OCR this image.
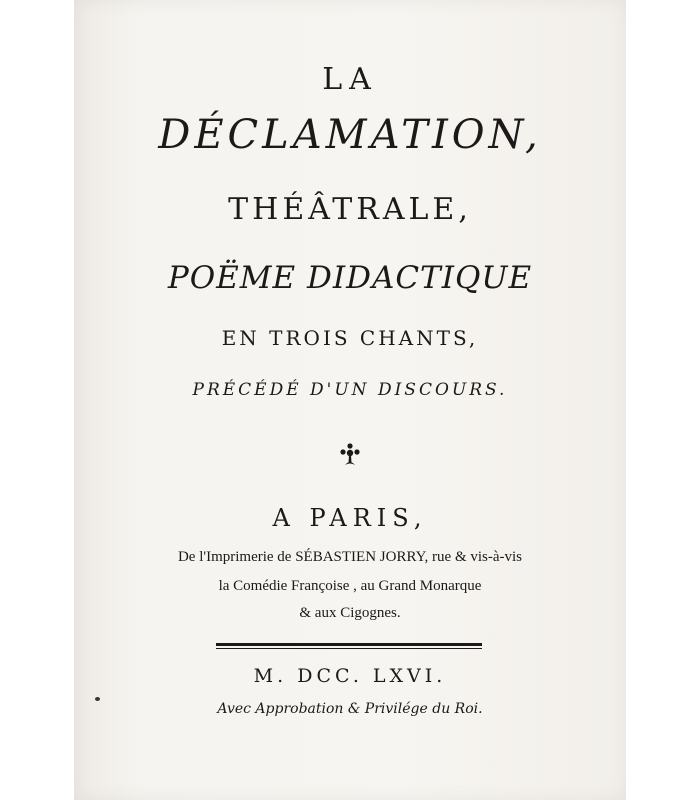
LA

DÉCLAMATION,

THÉÂTRALE,

POËME DIDACTIQUE

EN TROIS CHANTS,

PRÉCÉDÉ D'UN DISCOURS.

A PARIS,

De l'Imprimerie de SÉBASTIEN JORRY, rue & vis-à-vis

la Comédie Françoise , au Grand Monarque

& aux Cigognes.

M. DCC. LXVI.

Avec Approbation & Privilége du Roi.
